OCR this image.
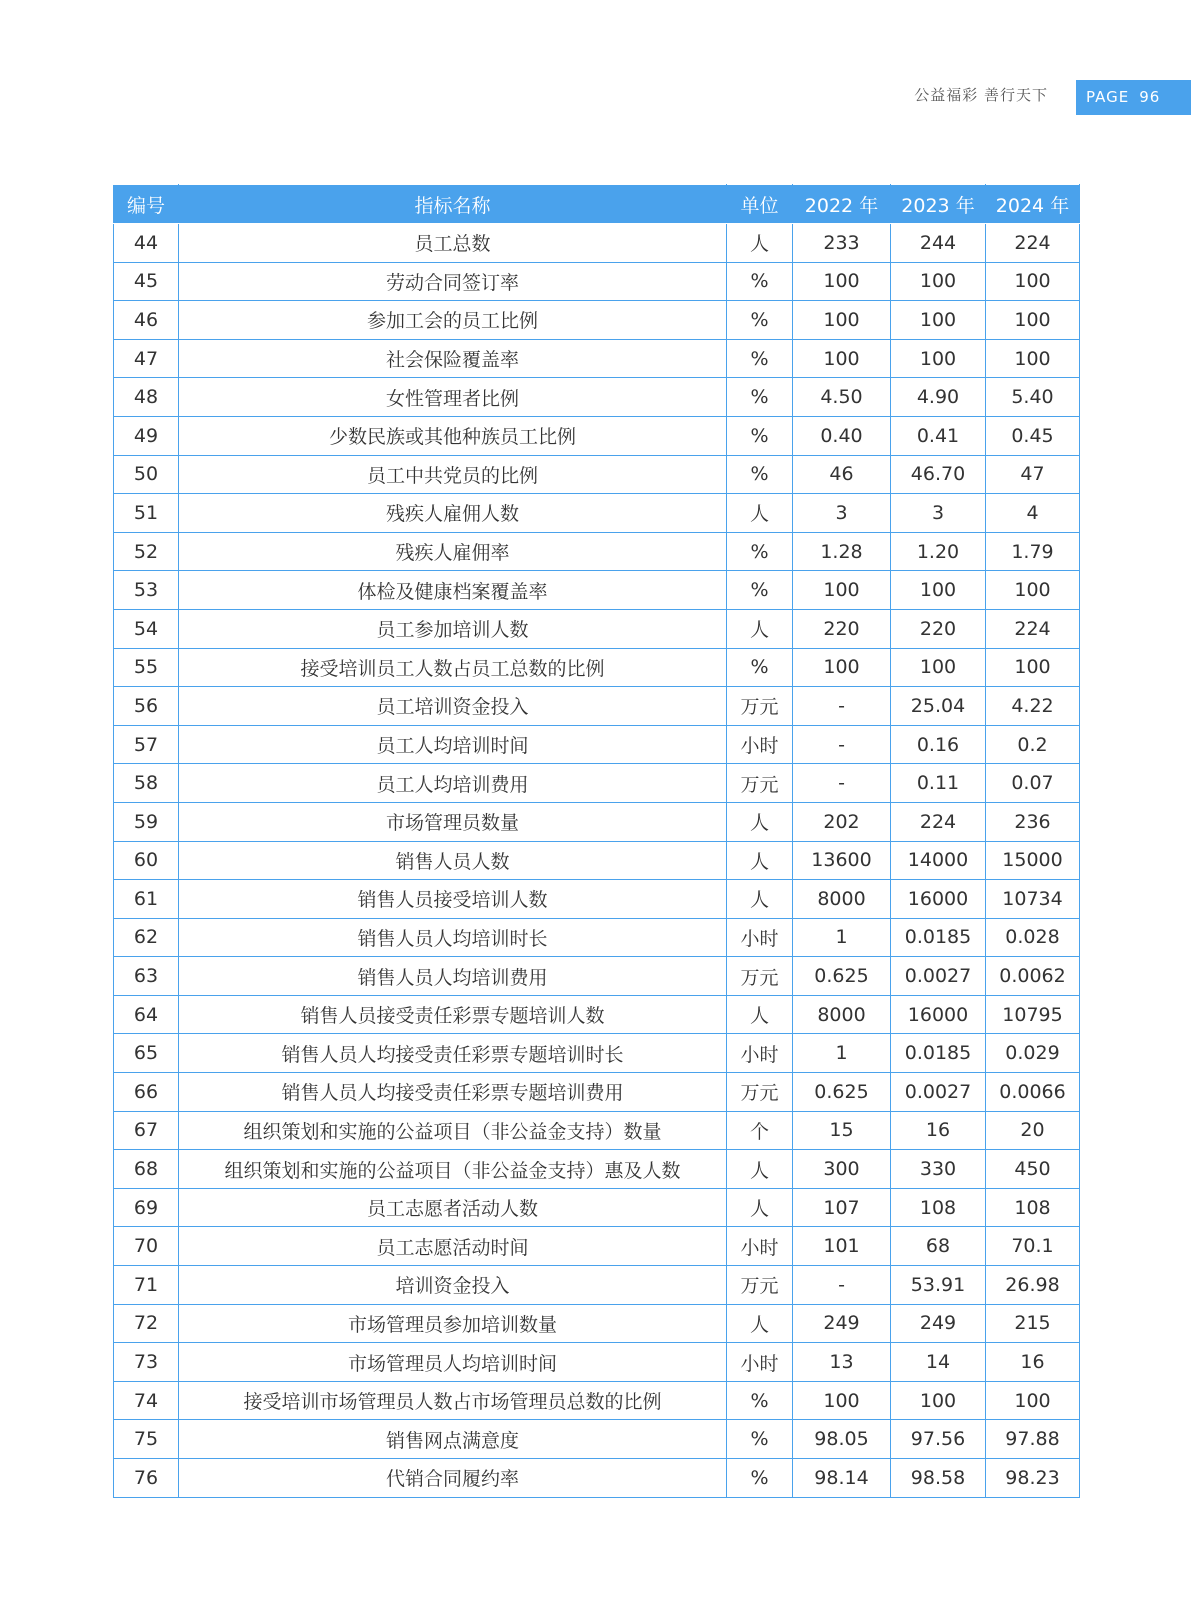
公益福彩 善行天下	PAGE 96
编号	指标名称	单位	2022 年	2023 年	2024 年
44	员工总数	人	233	244	224
45	劳动合同签订率	%	100	100	100
46	参加工会的员工比例	%	100	100	100
47	社会保险覆盖率	%	100	100	100
48	女性管理者比例	%	4.50	4.90	5.40
49	少数民族或其他种族员工比例	%	0.40	0.41	0.45
50	员工中共党员的比例	%	46	46.70	47
51	残疾人雇佣人数	人	3	3	4
52	残疾人雇佣率	%	1.28	1.20	1.79
53	体检及健康档案覆盖率	%	100	100	100
54	员工参加培训人数	人	220	220	224
55	接受培训员工人数占员工总数的比例	%	100	100	100
56	员工培训资金投入	万元	-	25.04	4.22
57	员工人均培训时间	小时	-	0.16	0.2
58	员工人均培训费用	万元	-	0.11	0.07
59	市场管理员数量	人	202	224	236
60	销售人员人数	人	13600	14000	15000
61	销售人员接受培训人数	人	8000	16000	10734
62	销售人员人均培训时长	小时	1	0.0185	0.028
63	销售人员人均培训费用	万元	0.625	0.0027	0.0062
64	销售人员接受责任彩票专题培训人数	人	8000	16000	10795
65	销售人员人均接受责任彩票专题培训时长	小时	1	0.0185	0.029
66	销售人员人均接受责任彩票专题培训费用	万元	0.625	0.0027	0.0066
67	组织策划和实施的公益项目（非公益金支持）数量	个	15	16	20
68	组织策划和实施的公益项目（非公益金支持）惠及人数	人	300	330	450
69	员工志愿者活动人数	人	107	108	108
70	员工志愿活动时间	小时	101	68	70.1
71	培训资金投入	万元	-	53.91	26.98
72	市场管理员参加培训数量	人	249	249	215
73	市场管理员人均培训时间	小时	13	14	16
74	接受培训市场管理员人数占市场管理员总数的比例	%	100	100	100
75	销售网点满意度	%	98.05	97.56	97.88
76	代销合同履约率	%	98.14	98.58	98.23
